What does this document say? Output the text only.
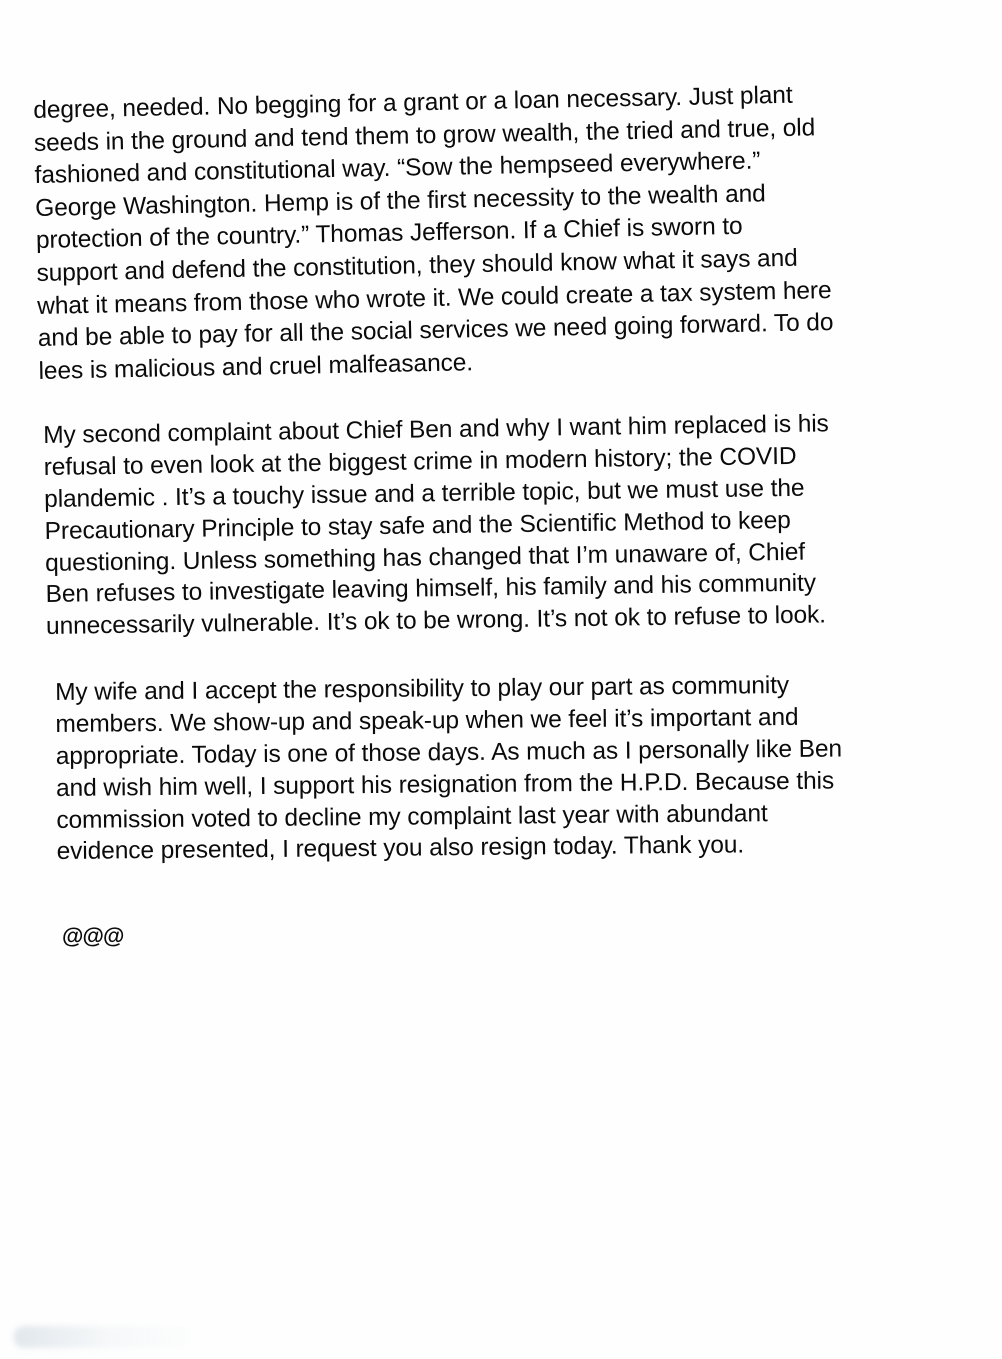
degree, needed. No begging for a grant or a loan necessary. Just plant
seeds in the ground and tend them to grow wealth, the tried and true, old
fashioned and constitutional way. “Sow the hempseed everywhere.”
George Washington. Hemp is of the first necessity to the wealth and
protection of the country.” Thomas Jefferson. If a Chief is sworn to
support and defend the constitution, they should know what it says and
what it means from those who wrote it. We could create a tax system here
and be able to pay for all the social services we need going forward. To do
lees is malicious and cruel malfeasance.
My second complaint about Chief Ben and why I want him replaced is his
refusal to even look at the biggest crime in modern history; the COVID
plandemic . It’s a touchy issue and a terrible topic, but we must use the
Precautionary Principle to stay safe and the Scientific Method to keep
questioning. Unless something has changed that I’m unaware of, Chief
Ben refuses to investigate leaving himself, his family and his community
unnecessarily vulnerable. It’s ok to be wrong. It’s not ok to refuse to look.
My wife and I accept the responsibility to play our part as community
members. We show-up and speak-up when we feel it’s important and
appropriate. Today is one of those days. As much as I personally like Ben
and wish him well, I support his resignation from the H.P.D. Because this
commission voted to decline my complaint last year with abundant
evidence presented, I request you also resign today. Thank you.
@@@
